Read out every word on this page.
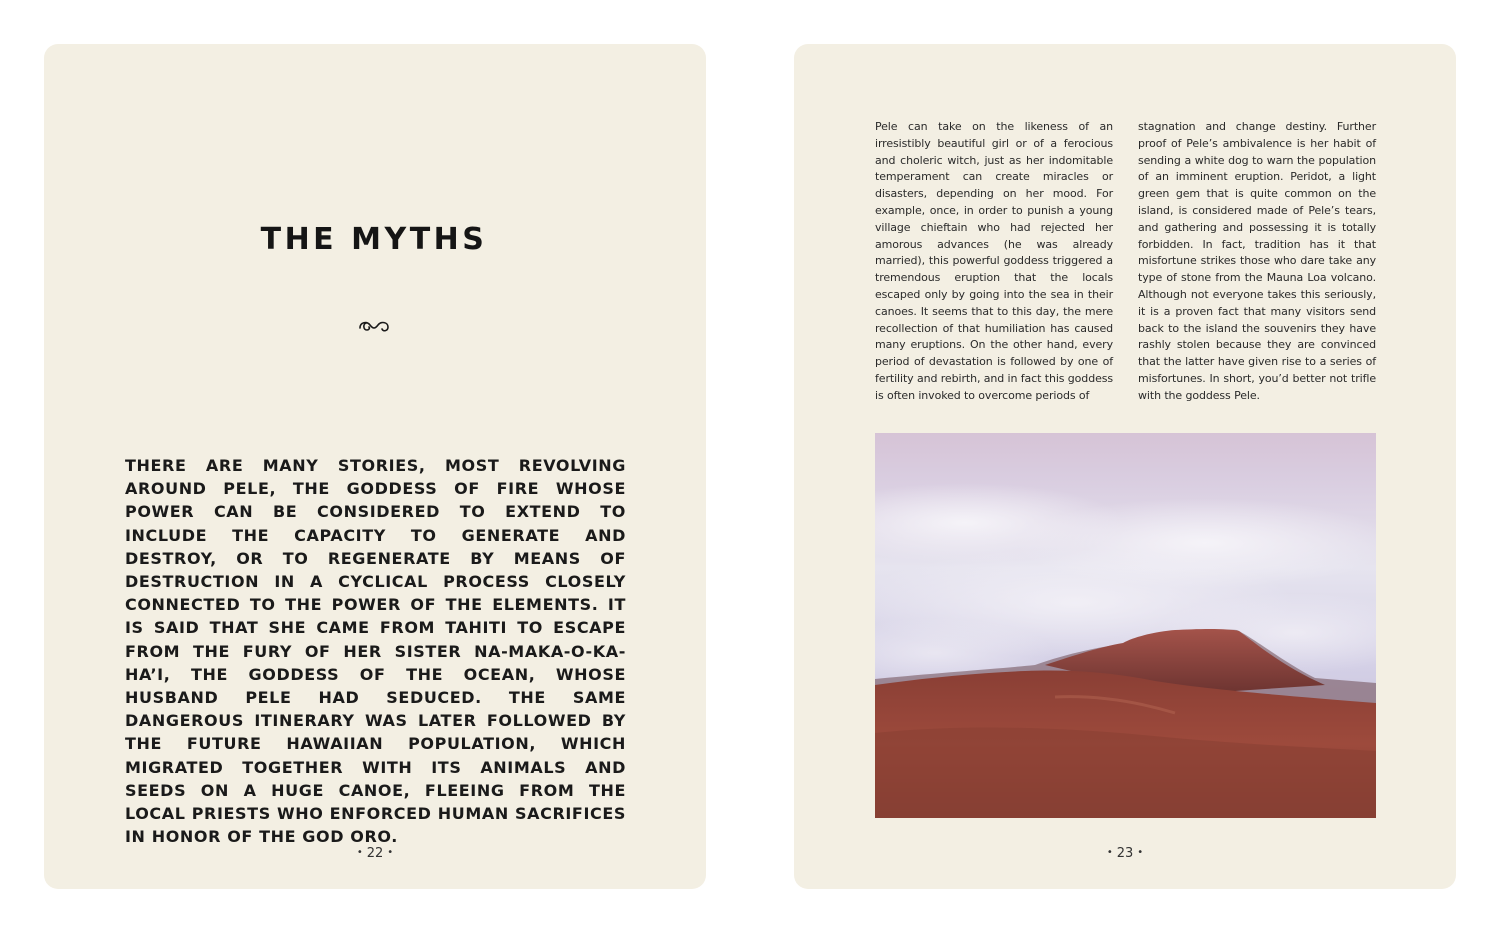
THE MYTHS

THERE ARE MANY STORIES, MOST REVOLVING AROUND PELE, THE GODDESS OF FIRE WHOSE POWER CAN BE CONSIDERED TO EXTEND TO INCLUDE THE CAPACITY TO GENERATE AND DESTROY, OR TO REGENERATE BY MEANS OF DESTRUCTION IN A CYCLICAL PROCESS CLOSELY CONNECTED TO THE POWER OF THE ELEMENTS. IT IS SAID THAT SHE CAME FROM TAHITI TO ESCAPE FROM THE FURY OF HER SISTER NA-MAKA-O-KA-HA’I, THE GODDESS OF THE OCEAN, WHOSE HUSBAND PELE HAD SEDUCED. THE SAME DANGEROUS ITINERARY WAS LATER FOLLOWED BY THE FUTURE HAWAIIAN POPULATION, WHICH MIGRATED TOGETHER WITH ITS ANIMALS AND SEEDS ON A HUGE CANOE, FLEEING FROM THE LOCAL PRIESTS WHO ENFORCED HUMAN SACRIFICES IN HONOR OF THE GOD ORO.

• 22 •

Pele can take on the likeness of an irresistibly beautiful girl or of a ferocious and choleric witch, just as her indomitable temperament can create miracles or disasters, depending on her mood. For example, once, in order to punish a young village chieftain who had rejected her amorous advances (he was already married), this powerful goddess triggered a tremendous eruption that the locals escaped only by going into the sea in their canoes. It seems that to this day, the mere recollection of that humiliation has caused many eruptions. On the other hand, every period of devastation is followed by one of fertility and rebirth, and in fact this goddess is often invoked to overcome periods of

stagnation and change destiny. Further proof of Pele’s ambivalence is her habit of sending a white dog to warn the population of an imminent eruption. Peridot, a light green gem that is quite common on the island, is considered made of Pele’s tears, and gathering and possessing it is totally forbidden. In fact, tradition has it that misfortune strikes those who dare take any type of stone from the Mauna Loa volcano. Although not everyone takes this seriously, it is a proven fact that many visitors send back to the island the souvenirs they have rashly stolen because they are convinced that the latter have given rise to a series of misfortunes. In short, you’d better not trifle with the goddess Pele.

• 23 •
